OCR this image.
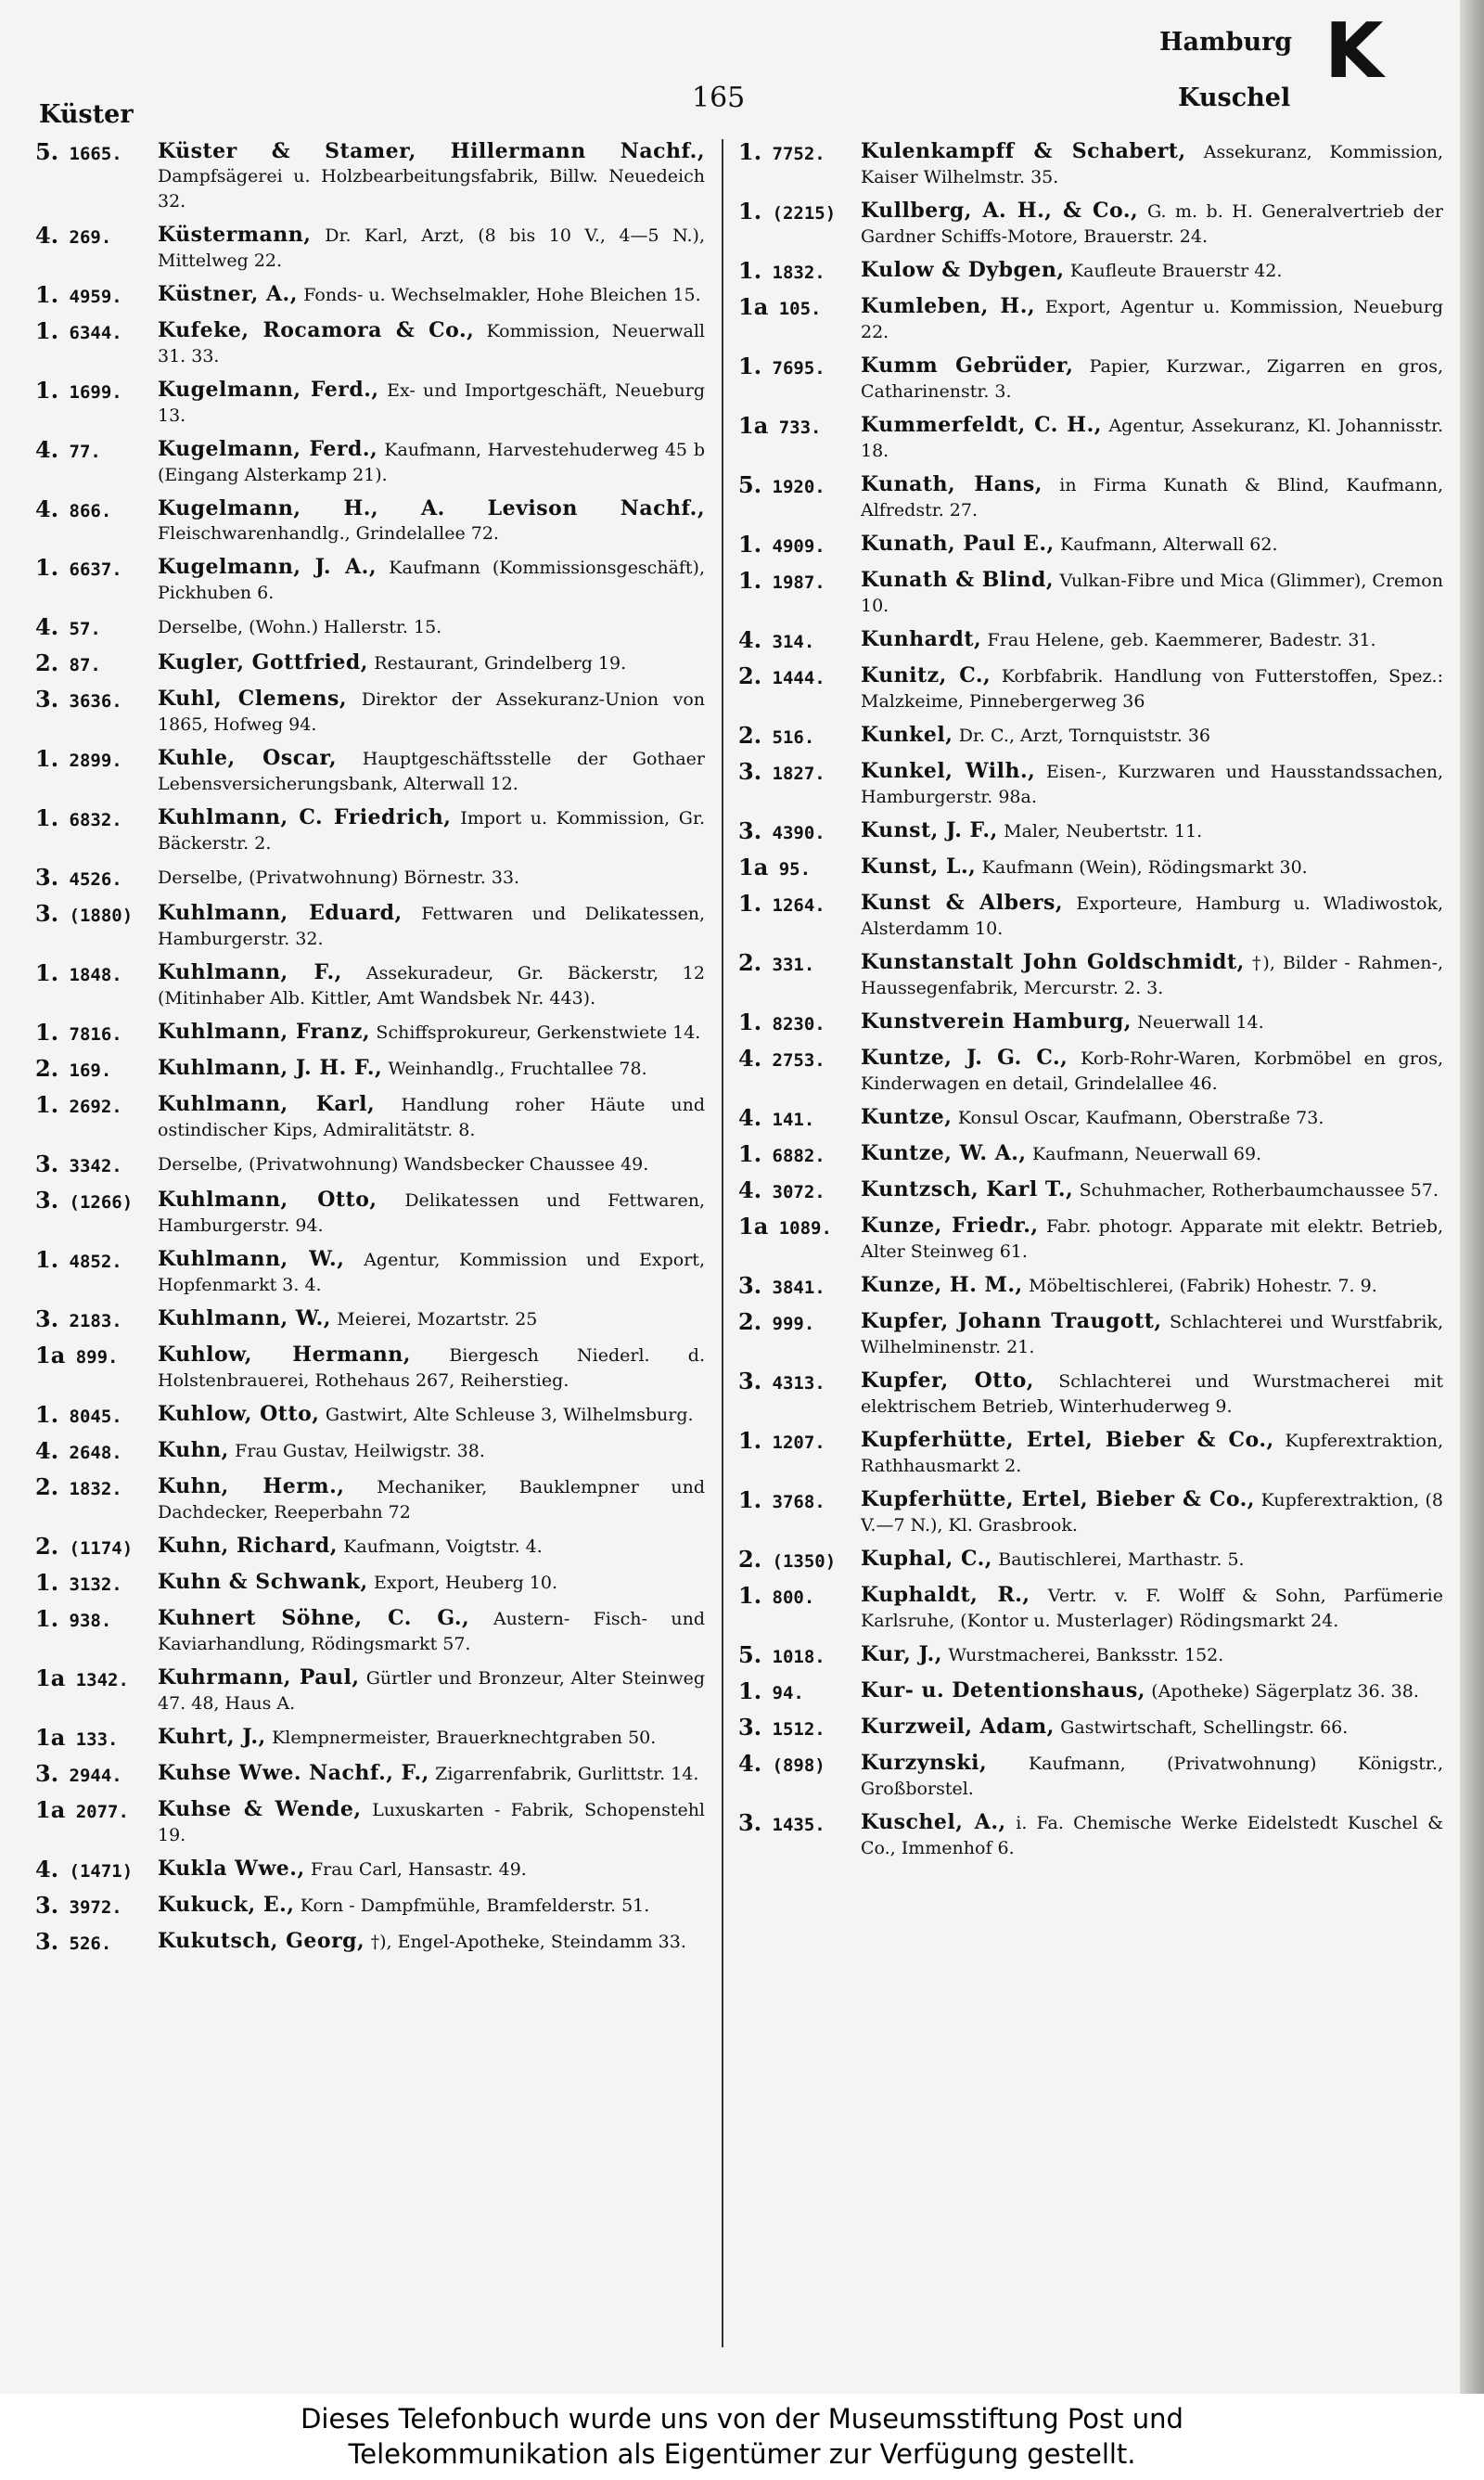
Küster
165
Hamburg
Kuschel
K
5. 1665.	Küster & Stamer, Hillermann Nachf., Dampfsägerei u. Holzbearbeitungsfabrik, Billw. Neuedeich 32.
4. 269.	Küstermann, Dr. Karl, Arzt, (8 bis 10 V., 4—5 N.), Mittelweg 22.
1. 4959.	Küstner, A., Fonds- u. Wechselmakler, Hohe Bleichen 15.
1. 6344.	Kufeke, Rocamora & Co., Kommission, Neuerwall 31. 33.
1. 1699.	Kugelmann, Ferd., Ex- und Importgeschäft, Neueburg 13.
4. 77.	Kugelmann, Ferd., Kaufmann, Harvestehuderweg 45 b (Eingang Alsterkamp 21).
4. 866.	Kugelmann, H., A. Levison Nachf., Fleischwarenhandlg., Grindelallee 72.
1. 6637.	Kugelmann, J. A., Kaufmann (Kommissionsgeschäft), Pickhuben 6.
4. 57.	Derselbe, (Wohn.) Hallerstr. 15.
2. 87.	Kugler, Gottfried, Restaurant, Grindelberg 19.
3. 3636.	Kuhl, Clemens, Direktor der Assekuranz-Union von 1865, Hofweg 94.
1. 2899.	Kuhle, Oscar, Hauptgeschäftsstelle der Gothaer Lebensversicherungsbank, Alterwall 12.
1. 6832.	Kuhlmann, C. Friedrich, Import u. Kommission, Gr. Bäckerstr. 2.
3. 4526.	Derselbe, (Privatwohnung) Börnestr. 33.
3. (1880)	Kuhlmann, Eduard, Fettwaren und Delikatessen, Hamburgerstr. 32.
1. 1848.	Kuhlmann, F., Assekuradeur, Gr. Bäckerstr, 12 (Mitinhaber Alb. Kittler, Amt Wandsbek Nr. 443).
1. 7816.	Kuhlmann, Franz, Schiffsprokureur, Gerkenstwiete 14.
2. 169.	Kuhlmann, J. H. F., Weinhandlg., Fruchtallee 78.
1. 2692.	Kuhlmann, Karl, Handlung roher Häute und ostindischer Kips, Admiralitätstr. 8.
3. 3342.	Derselbe, (Privatwohnung) Wandsbecker Chaussee 49.
3. (1266)	Kuhlmann, Otto, Delikatessen und Fettwaren, Hamburgerstr. 94.
1. 4852.	Kuhlmann, W., Agentur, Kommission und Export, Hopfenmarkt 3. 4.
3. 2183.	Kuhlmann, W., Meierei, Mozartstr. 25
1a 899.	Kuhlow, Hermann, Biergesch Niederl. d. Holstenbrauerei, Rothehaus 267, Reiherstieg.
1. 8045.	Kuhlow, Otto, Gastwirt, Alte Schleuse 3, Wilhelmsburg.
4. 2648.	Kuhn, Frau Gustav, Heilwigstr. 38.
2. 1832.	Kuhn, Herm., Mechaniker, Bauklempner und Dachdecker, Reeperbahn 72
2. (1174)	Kuhn, Richard, Kaufmann, Voigtstr. 4.
1. 3132.	Kuhn & Schwank, Export, Heuberg 10.
1. 938.	Kuhnert Söhne, C. G., Austern- Fisch- und Kaviarhandlung, Rödingsmarkt 57.
1a 1342.	Kuhrmann, Paul, Gürtler und Bronzeur, Alter Steinweg 47. 48, Haus A.
1a 133.	Kuhrt, J., Klempnermeister, Brauerknechtgraben 50.
3. 2944.	Kuhse Wwe. Nachf., F., Zigarrenfabrik, Gurlittstr. 14.
1a 2077.	Kuhse & Wende, Luxuskarten - Fabrik, Schopenstehl 19.
4. (1471)	Kukla Wwe., Frau Carl, Hansastr. 49.
3. 3972.	Kukuck, E., Korn - Dampfmühle, Bramfelderstr. 51.
3. 526.	Kukutsch, Georg, †), Engel-Apotheke, Steindamm 33.
1. 7752.	Kulenkampff & Schabert, Assekuranz, Kommission, Kaiser Wilhelmstr. 35.
1. (2215)	Kullberg, A. H., & Co., G. m. b. H. Generalvertrieb der Gardner Schiffs-Motore, Brauerstr. 24.
1. 1832.	Kulow & Dybgen, Kaufleute Brauerstr 42.
1a 105.	Kumleben, H., Export, Agentur u. Kommission, Neueburg 22.
1. 7695.	Kumm Gebrüder, Papier, Kurzwar., Zigarren en gros, Catharinenstr. 3.
1a 733.	Kummerfeldt, C. H., Agentur, Assekuranz, Kl. Johannisstr. 18.
5. 1920.	Kunath, Hans, in Firma Kunath & Blind, Kaufmann, Alfredstr. 27.
1. 4909.	Kunath, Paul E., Kaufmann, Alterwall 62.
1. 1987.	Kunath & Blind, Vulkan-Fibre und Mica (Glimmer), Cremon 10.
4. 314.	Kunhardt, Frau Helene, geb. Kaemmerer, Badestr. 31.
2. 1444.	Kunitz, C., Korbfabrik. Handlung von Futterstoffen, Spez.: Malzkeime, Pinnebergerweg 36
2. 516.	Kunkel, Dr. C., Arzt, Tornquiststr. 36
3. 1827.	Kunkel, Wilh., Eisen-, Kurzwaren und Hausstandssachen, Hamburgerstr. 98a.
3. 4390.	Kunst, J. F., Maler, Neubertstr. 11.
1a 95.	Kunst, L., Kaufmann (Wein), Rödingsmarkt 30.
1. 1264.	Kunst & Albers, Exporteure, Hamburg u. Wladiwostok, Alsterdamm 10.
2. 331.	Kunstanstalt John Goldschmidt, †), Bilder - Rahmen-, Haussegenfabrik, Mercurstr. 2. 3.
1. 8230.	Kunstverein Hamburg, Neuerwall 14.
4. 2753.	Kuntze, J. G. C., Korb-Rohr-Waren, Korbmöbel en gros, Kinderwagen en detail, Grindelallee 46.
4. 141.	Kuntze, Konsul Oscar, Kaufmann, Oberstraße 73.
1. 6882.	Kuntze, W. A., Kaufmann, Neuerwall 69.
4. 3072.	Kuntzsch, Karl T., Schuhmacher, Rotherbaumchaussee 57.
1a 1089.	Kunze, Friedr., Fabr. photogr. Apparate mit elektr. Betrieb, Alter Steinweg 61.
3. 3841.	Kunze, H. M., Möbeltischlerei, (Fabrik) Hohestr. 7. 9.
2. 999.	Kupfer, Johann Traugott, Schlachterei und Wurstfabrik, Wilhelminenstr. 21.
3. 4313.	Kupfer, Otto, Schlachterei und Wurstmacherei mit elektrischem Betrieb, Winterhuderweg 9.
1. 1207.	Kupferhütte, Ertel, Bieber & Co., Kupferextraktion, Rathhausmarkt 2.
1. 3768.	Kupferhütte, Ertel, Bieber & Co., Kupferextraktion, (8 V.—7 N.), Kl. Grasbrook.
2. (1350)	Kuphal, C., Bautischlerei, Marthastr. 5.
1. 800.	Kuphaldt, R., Vertr. v. F. Wolff & Sohn, Parfümerie Karlsruhe, (Kontor u. Musterlager) Rödingsmarkt 24.
5. 1018.	Kur, J., Wurstmacherei, Banksstr. 152.
1. 94.	Kur- u. Detentionshaus, (Apotheke) Sägerplatz 36. 38.
3. 1512.	Kurzweil, Adam, Gastwirtschaft, Schellingstr. 66.
4. (898)	Kurzynski, Kaufmann, (Privatwohnung) Königstr., Großborstel.
3. 1435.	Kuschel, A., i. Fa. Chemische Werke Eidelstedt Kuschel & Co., Immenhof 6.
Dieses Telefonbuch wurde uns von der Museumsstiftung Post und
Telekommunikation als Eigentümer zur Verfügung gestellt.
